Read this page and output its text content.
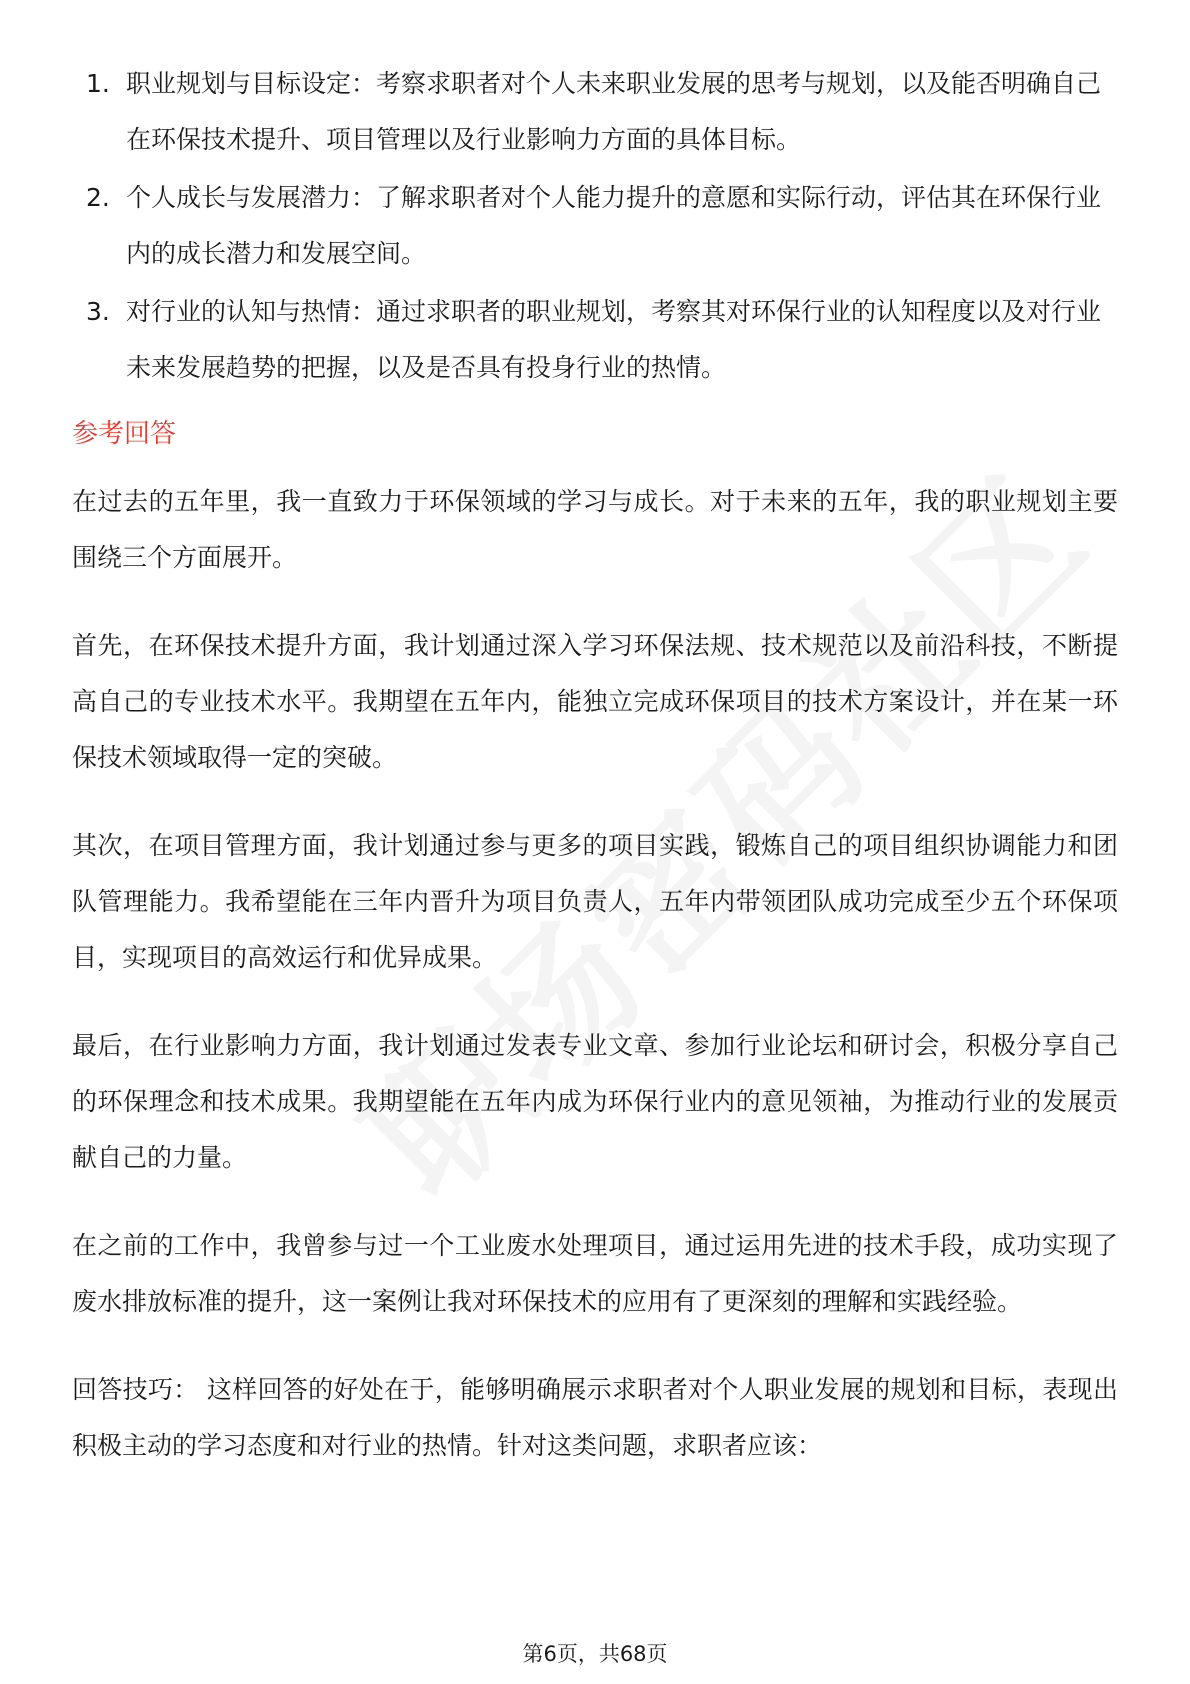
1. 职业规划与目标设定：考察求职者对个人未来职业发展的思考与规划，以及能否明确自己在环保技术提升、项目管理以及行业影响力方面的具体目标。
2. 个人成长与发展潜力：了解求职者对个人能力提升的意愿和实际行动，评估其在环保行业内的成长潜力和发展空间。
3. 对行业的认知与热情：通过求职者的职业规划，考察其对环保行业的认知程度以及对行业未来发展趋势的把握，以及是否具有投身行业的热情。
参考回答

在过去的五年里，我一直致力于环保领域的学习与成长。对于未来的五年，我的职业规划主要围绕三个方面展开。

首先，在环保技术提升方面，我计划通过深入学习环保法规、技术规范以及前沿科技，不断提高自己的专业技术水平。我期望在五年内，能独立完成环保项目的技术方案设计，并在某一环保技术领域取得一定的突破。

其次，在项目管理方面，我计划通过参与更多的项目实践，锻炼自己的项目组织协调能力和团队管理能力。我希望能在三年内晋升为项目负责人，五年内带领团队成功完成至少五个环保项目，实现项目的高效运行和优异成果。

最后，在行业影响力方面，我计划通过发表专业文章、参加行业论坛和研讨会，积极分享自己的环保理念和技术成果。我期望能在五年内成为环保行业内的意见领袖，为推动行业的发展贡献自己的力量。

在之前的工作中，我曾参与过一个工业废水处理项目，通过运用先进的技术手段，成功实现了废水排放标准的提升，这一案例让我对环保技术的应用有了更深刻的理解和实践经验。

回答技巧： 这样回答的好处在于，能够明确展示求职者对个人职业发展的规划和目标，表现出积极主动的学习态度和对行业的热情。针对这类问题，求职者应该：

第6页，共68页
